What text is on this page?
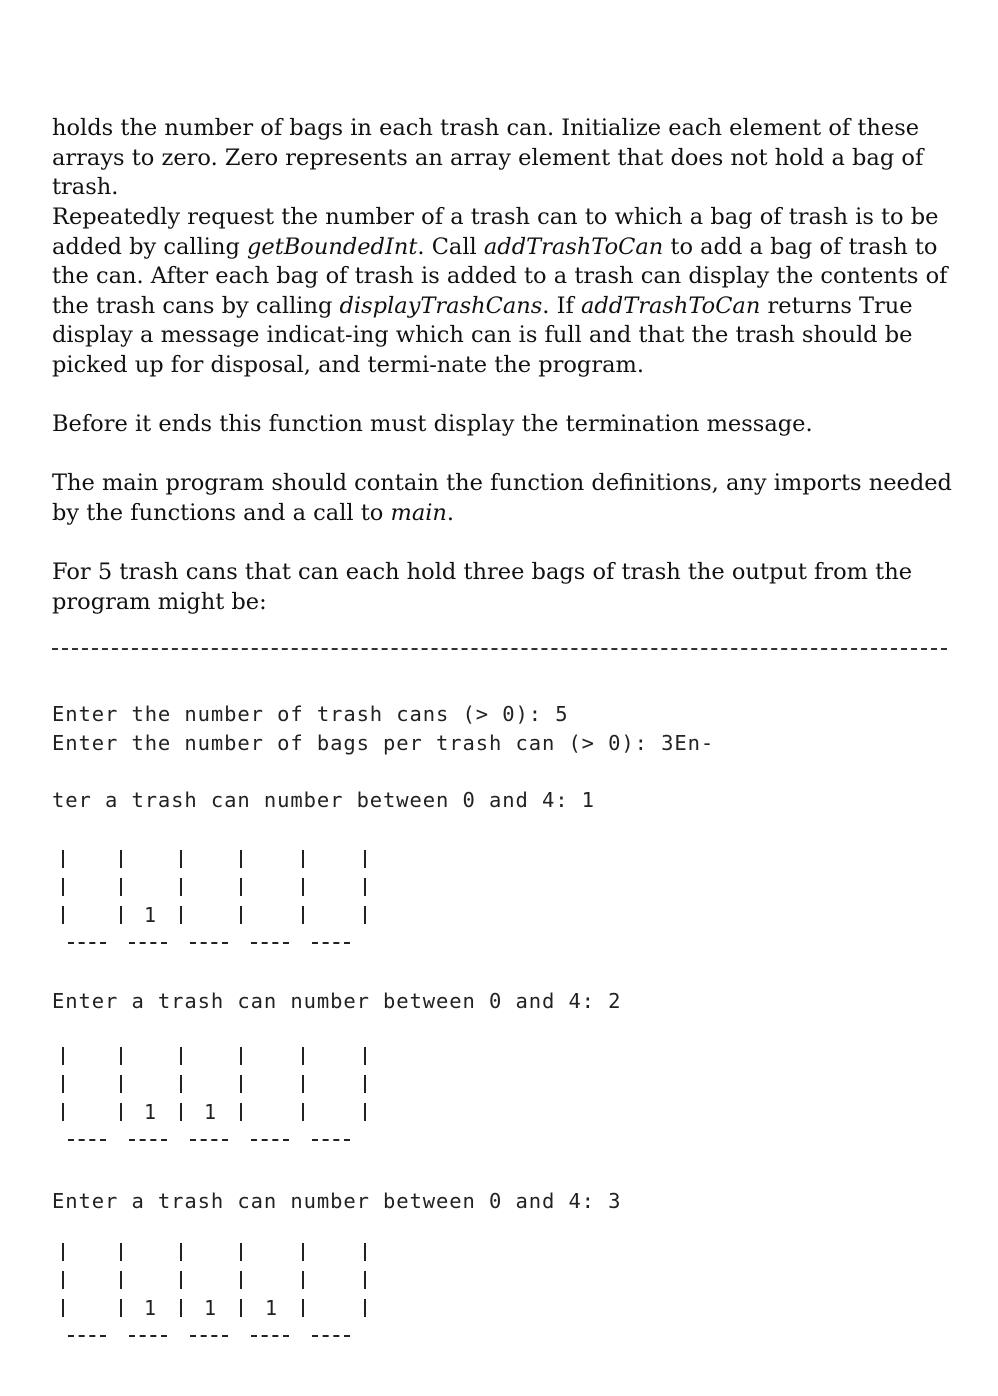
holds the number of bags in each trash can. Initialize each element of these arrays to zero. Zero represents an array element that does not hold a bag of trash.

Repeatedly request the number of a trash can to which a bag of trash is to be added by calling getBoundedInt. Call addTrashToCan to add a bag of trash to the can. After each bag of trash is added to a trash can display the contents of the trash cans by calling displayTrashCans. If addTrashToCan returns True display a message indicat-ing which can is full and that the trash should be picked up for disposal, and termi-nate the program.

Before it ends this function must display the termination message.

The main program should contain the function definitions, any imports needed by the functions and a call to main.

For 5 trash cans that can each hold three bags of trash the output from the program might be:

Enter the number of trash cans (> 0): 5
Enter the number of bags per trash can (> 0): 3En-
ter a trash can number between 0 and 4: 1
1
Enter a trash can number between 0 and 4: 2
1 1
Enter a trash can number between 0 and 4: 3
1 1 1
